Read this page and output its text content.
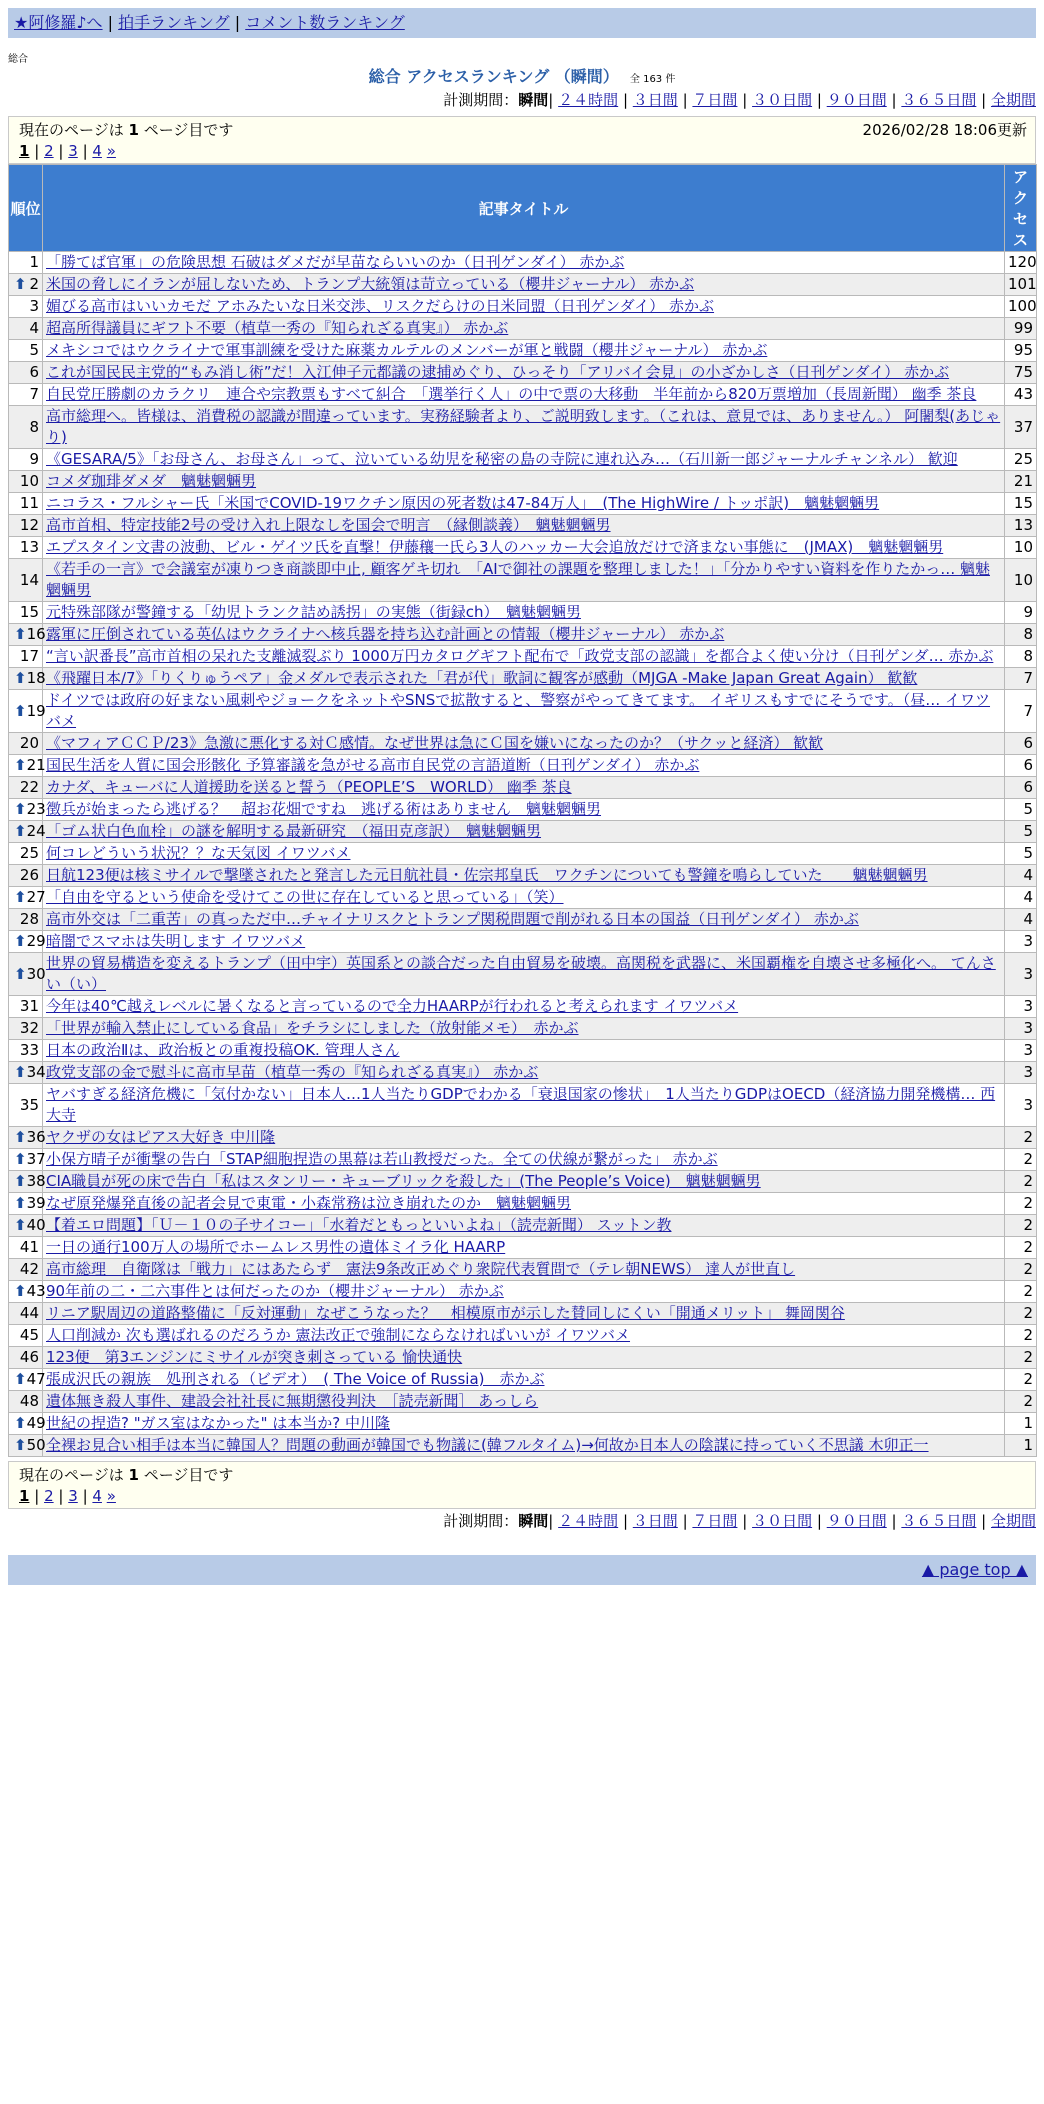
★阿修羅♪へ | 拍手ランキング | コメント数ランキング
総合
総合 アクセスランキング （瞬間） 全 163 件
計測期間：瞬間| ２４時間 | ３日間 | ７日間 | ３０日間 | ９０日間 | ３６５日間 | 全期間
現在のページは 1 ページ目です	2026/02/28 18:06更新
1 | 2 | 3 | 4 »
順位	記事タイトル	アクセス
1	「勝てば官軍」の危険思想 石破はダメだが早苗ならいいのか（日刊ゲンダイ） 赤かぶ	120

⬆ 2	米国の脅しにイランが屈しないため、トランプ大統領は苛立っている（櫻井ジャーナル） 赤かぶ	101
3	媚びる高市はいいカモだ アホみたいな日米交渉、リスクだらけの日米同盟（日刊ゲンダイ） 赤かぶ	100
4	超高所得議員にギフト不要（植草一秀の『知られざる真実』） 赤かぶ	99
5	メキシコではウクライナで軍事訓練を受けた麻薬カルテルのメンバーが軍と戦闘（櫻井ジャーナル） 赤かぶ	95
6	これが国民民主党的“もみ消し術”だ！入江伸子元都議の逮捕めぐり、ひっそり「アリバイ会見」の小ざかしさ（日刊ゲンダイ） 赤かぶ	75
7	自民党圧勝劇のカラクリ　連合や宗教票もすべて糾合　「選挙行く人」の中で票の大移動　半年前から820万票増加（長周新聞） 幽季 茶良	43
8	高市総理へ。皆様は、消費税の認識が間違っています。実務経験者より、ご説明致します。（これは、意見では、ありません。） 阿闍梨(あじゃり)	37
9	《GESARA/5》「お母さん、お母さん」って、泣いている幼児を秘密の島の寺院に連れ込み…（石川新一郎ジャーナルチャンネル） 歓迎	25
10	コメダ珈琲ダメダ　魑魅魍魎男	21
11	ニコラス・フルシャー氏「米国でCOVID-19ワクチン原因の死者数は47-84万人」　(The HighWire / トッポ訳)　魑魅魍魎男	15
12	高市首相、特定技能2号の受け入れ上限なしを国会で明言　（縁側談義）　魑魅魍魎男	13
13	エプスタイン文書の波動、ビル・ゲイツ氏を直撃！伊藤穰一氏ら3人のハッカー大会追放だけで済まない事態に　(JMAX)　魑魅魍魎男	10
14	《若手の一言》で会議室が凍りつき商談即中止, 顧客ゲキ切れ　「AIで御社の課題を整理しました！」「分かりやすい資料を作りたかっ… 魑魅魍魎男	10
15	元特殊部隊が警鐘する「幼児トランク詰め誘拐」の実態（街録ch）　魑魅魍魎男	9

⬆ 16	露軍に圧倒されている英仏はウクライナへ核兵器を持ち込む計画との情報（櫻井ジャーナル） 赤かぶ	8
17	“言い訳番長”高市首相の呆れた支離滅裂ぶり 1000万円カタログギフト配布で「政党支部の認識」を都合よく使い分け（日刊ゲンダ… 赤かぶ	8

⬆ 18	《飛躍日本/7》「りくりゅうペア」金メダルで表示された「君が代」歌詞に観客が感動（MJGA -Make Japan Great Again） 歓歓	7

⬆ 19	ドイツでは政府の好まない風刺やジョークをネットやSNSで拡散すると、警察がやってきてます。 イギリスもすでにそうです。（昼… イワツバメ	7
20	《マフィアＣＣＰ/23》急激に悪化する対Ｃ感情。なぜ世界は急にＣ国を嫌いになったのか？（サクッと経済） 歓歓	6

⬆ 21	国民生活を人質に国会形骸化 予算審議を急がせる高市自民党の言語道断（日刊ゲンダイ） 赤かぶ	6
22	カナダ、キューバに人道援助を送ると誓う（PEOPLE’S　WORLD） 幽季 茶良	6

⬆ 23	徴兵が始まったら逃げる？　超お花畑ですね　逃げる術はありません　魑魅魍魎男	5

⬆ 24	「ゴム状白色血栓」の謎を解明する最新研究　（福田克彦訳）　魑魅魍魎男	5
25	何コレどういう状況？？な天気図 イワツバメ	5
26	日航123便は核ミサイルで撃墜されたと発言した元日航社員・佐宗邦皇氏　ワクチンについても警鐘を鳴らしていた　　魑魅魍魎男	4

⬆ 27	「自由を守るという使命を受けてこの世に存在していると思っている」（笑）	4
28	高市外交は「二重苦」の真っただ中…チャイナリスクとトランプ関税問題で削がれる日本の国益（日刊ゲンダイ） 赤かぶ	4

⬆ 29	暗闇でスマホは失明します イワツバメ	3

⬆ 30	世界の貿易構造を変えるトランプ（田中宇）英国系との談合だった自由貿易を破壊。高関税を武器に、米国覇権を自壊させ多極化へ。 てんさい（い）	3
31	今年は40℃越えレベルに暑くなると言っているので全力HAARPが行われると考えられます イワツバメ	3
32	「世界が輸入禁止にしている食品」をチラシにしました（放射能メモ）　赤かぶ	3
33	日本の政治Ⅱは、政治板との重複投稿OK. 管理人さん	3

⬆ 34	政党支部の金で慰斗に高市早苗（植草一秀の『知られざる真実』） 赤かぶ	3
35	ヤバすぎる経済危機に「気付かない」日本人…1人当たりGDPでわかる「衰退国家の惨状」　1人当たりGDPはOECD（経済協力開発機構… 西大寺	3

⬆ 36	ヤクザの女はピアス大好き 中川隆	2

⬆ 37	小保方晴子が衝撃の告白「STAP細胞捏造の黒幕は若山教授だった。全ての伏線が繋がった」 赤かぶ	2

⬆ 38	CIA職員が死の床で告白「私はスタンリー・キューブリックを殺した」(The People’s Voice)　魑魅魍魎男	2

⬆ 39	なぜ原発爆発直後の記者会見で東電・小森常務は泣き崩れたのか　魑魅魍魎男	2

⬆ 40	【着エロ問題】「Ｕ－１０の子サイコー」「水着だともっといいよね」（読売新聞） スットン教	2
41	一日の通行100万人の場所でホームレス男性の遺体ミイラ化 HAARP	2
42	高市総理　自衛隊は「戦力」にはあたらず　憲法9条改正めぐり衆院代表質問で（テレ朝NEWS） 達人が世直し	2

⬆ 43	90年前の二・二六事件とは何だったのか（櫻井ジャーナル） 赤かぶ	2
44	リニア駅周辺の道路整備に「反対運動」なぜこうなった？　相模原市が示した賛同しにくい「開通メリット」 舞岡関谷	2
45	人口削減か 次も選ばれるのだろうか 憲法改正で強制にならなければいいが イワツバメ	2
46	123便　第3エンジンにミサイルが突き刺さっている 愉快通快	2

⬆ 47	張成沢氏の親族　処刑される（ビデオ）　( The Voice of Russia)　赤かぶ	2
48	遺体無き殺人事件、建設会社社長に無期懲役判決　［読売新聞］ あっしら	2

⬆ 49	世紀の捏造? "ガス室はなかった" は本当か? 中川隆	1

⬆ 50	全裸お見合い相手は本当に韓国人？問題の動画が韓国でも物議に(韓フルタイム)→何故か日本人の陰謀に持っていく不思議 木卯正一	1
現在のページは 1 ページ目です
1 | 2 | 3 | 4 »
計測期間：瞬間| ２４時間 | ３日間 | ７日間 | ３０日間 | ９０日間 | ３６５日間 | 全期間
▲ page top ▲
